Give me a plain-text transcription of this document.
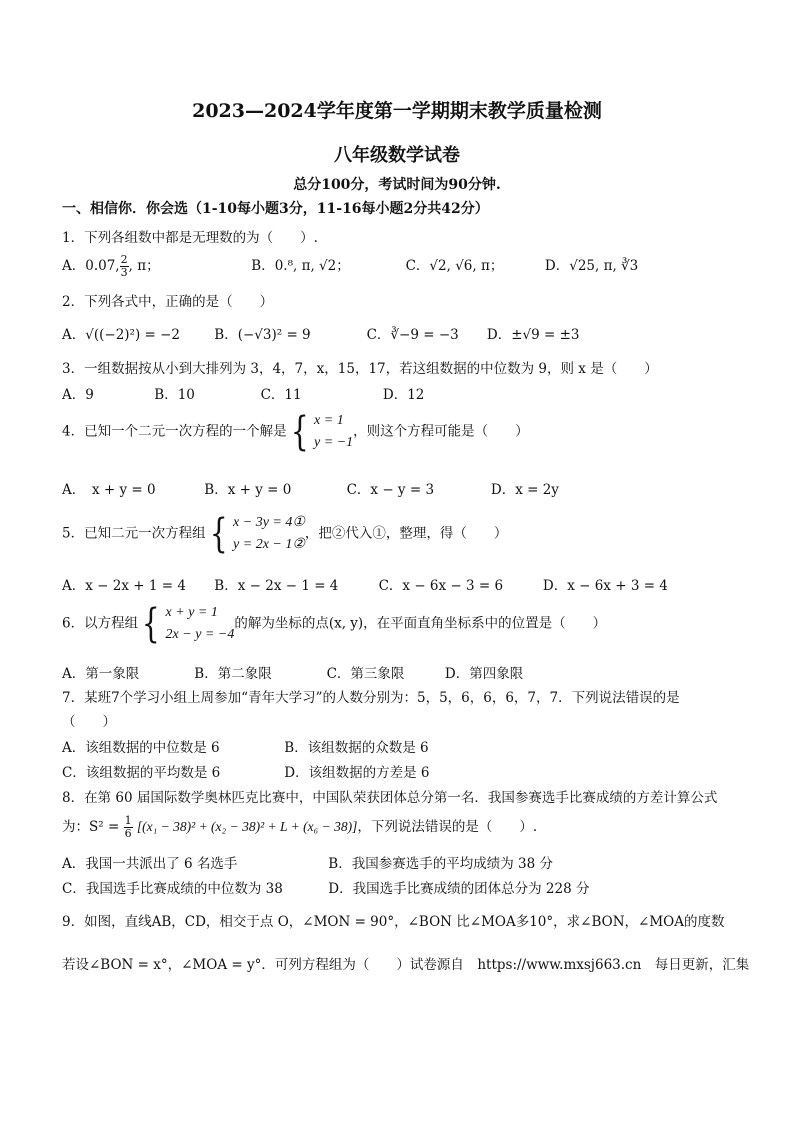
2023—2024学年度第一学期期末教学质量检测
八年级数学试卷
总分100分，考试时间为90分钟.
一、相信你．你会选（1-10每小题3分，11-16每小题2分共42分）
1．下列各组数中都是无理数的为（　　）.
A．0.07, $\frac{2}{3}$ , π；	B．0.⁸, π, √2；	C．√2, √6, π；	D．√25, π, ∛3
2．下列各式中，正确的是（　　）
A．√((−2)²) = −2	B．(−√3)² = 9	C．∛−9 = −3 D．±√9 = ±3
3．一组数据按从小到大排列为 3，4，7，x，15，17，若这组数据的中位数为 9，则 x 是（　　）
A．9	B．10	C．11	D．12
4．已知一个二元一次方程的一个解是 { x = 1
y = −1
，则这个方程可能是（　　）
A．　x + y = 0	B．x + y = 0	C．x − y = 3	D．x = 2y
5．已知二元一次方程组 { x − 3y = 4①
y = 2x − 1②
，把②代入①，整理，得（　　）
A．x − 2x + 1 = 4 B．x − 2x − 1 = 4	C．x − 6x − 3 = 6	D．x − 6x + 3 = 4
6．以方程组 { x + y = 1
2x − y = −4
的解为坐标的点(x, y)，在平面直角坐标系中的位置是（　　）
A．第一象限	B．第二象限	C．第三象限	D．第四象限
7．某班7个学习小组上周参加“青年大学习”的人数分别为：5，5，6，6，6，7，7．下列说法错误的是
（　　）
A．该组数据的中位数是 6	B．该组数据的众数是 6
C．该组数据的平均数是 6	D．该组数据的方差是 6
8．在第 60 届国际数学奥林匹克比赛中，中国队荣获团体总分第一名．我国参赛选手比赛成绩的方差计算公式
为：$S^2 = \frac{1}{6} [(x_1 - 38)^2 + (x_2 - 38)^2 + L + (x_6 - 38)]$，下列说法错误的是（　　）.
A．我国一共派出了 6 名选手	B．我国参赛选手的平均成绩为 38 分
C．我国选手比赛成绩的中位数为 38	D．我国选手比赛成绩的团体总分为 228 分
9．如图，直线AB，CD，相交于点 O，∠MON = 90°，∠BON 比∠MOA多10°，求∠BON，∠MOA的度数
若设∠BON = x°，∠MOA = y°．可列方程组为（　　）试卷源自　https://www.mxsj663.cn　每日更新，汇集
